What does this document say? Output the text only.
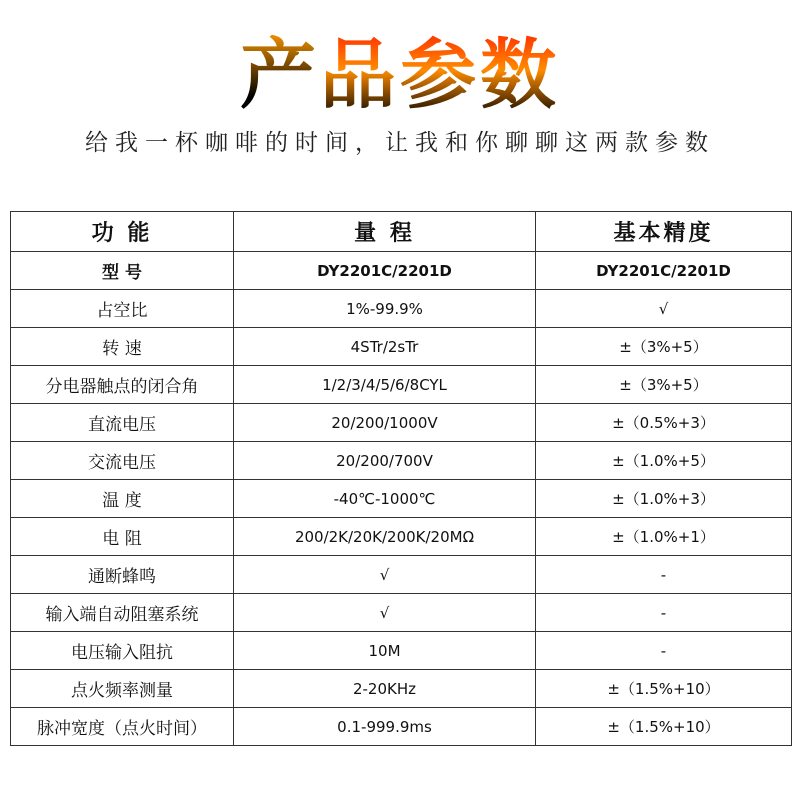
产品参数
给我一杯咖啡的时间，让我和你聊聊这两款参数
功 能	量 程	基本精度
型 号	DY2201C/2201D	DY2201C/2201D
占空比	1%-99.9%	√
转 速	4STr/2sTr	±（3%+5）
分电器触点的闭合角	1/2/3/4/5/6/8CYL	±（3%+5）
直流电压	20/200/1000V	±（0.5%+3）
交流电压	20/200/700V	±（1.0%+5）
温 度	-40℃-1000℃	±（1.0%+3）
电 阻	200/2K/20K/200K/20MΩ	±（1.0%+1）
通断蜂鸣	√	-
输入端自动阻塞系统	√	-
电压输入阻抗	10M	-
点火频率测量	2-20KHz	±（1.5%+10）
脉冲宽度（点火时间）	0.1-999.9ms	±（1.5%+10）
